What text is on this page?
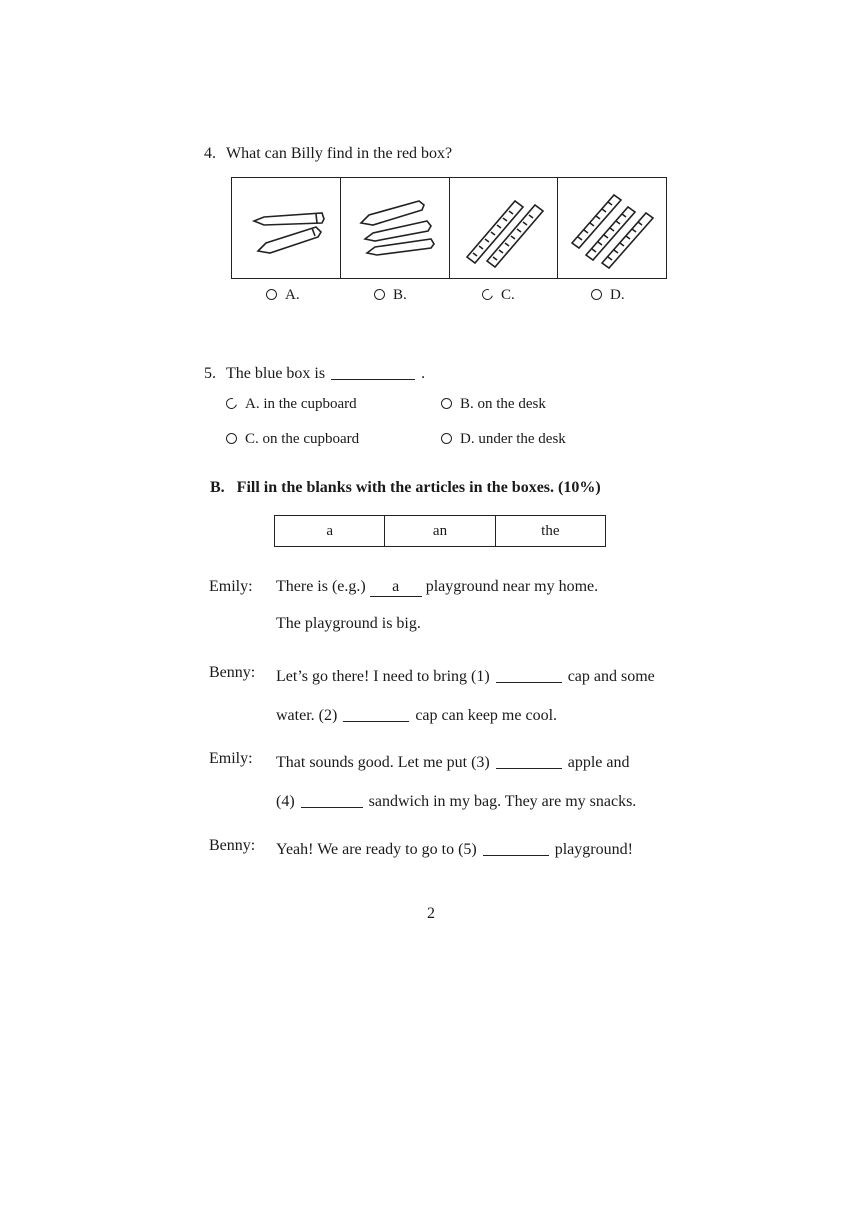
4. What can Billy find in the red box?
A.	B.	C.	D.
5. The blue box is	.
A. in the cupboard	B. on the desk
C. on the cupboard	D. under the desk
B.   Fill in the blanks with the articles in the boxes. (10%)
a	an	the
Emily: There is (e.g.) a playground near my home.
The playground is big.
Benny: Let’s go there! I need to bring (1)	cap and some
water. (2)	cap can keep me cool.
Emily: That sounds good. Let me put (3)	apple and
(4)	sandwich in my bag. They are my snacks.
Benny: Yeah! We are ready to go to (5)	playground!
2
